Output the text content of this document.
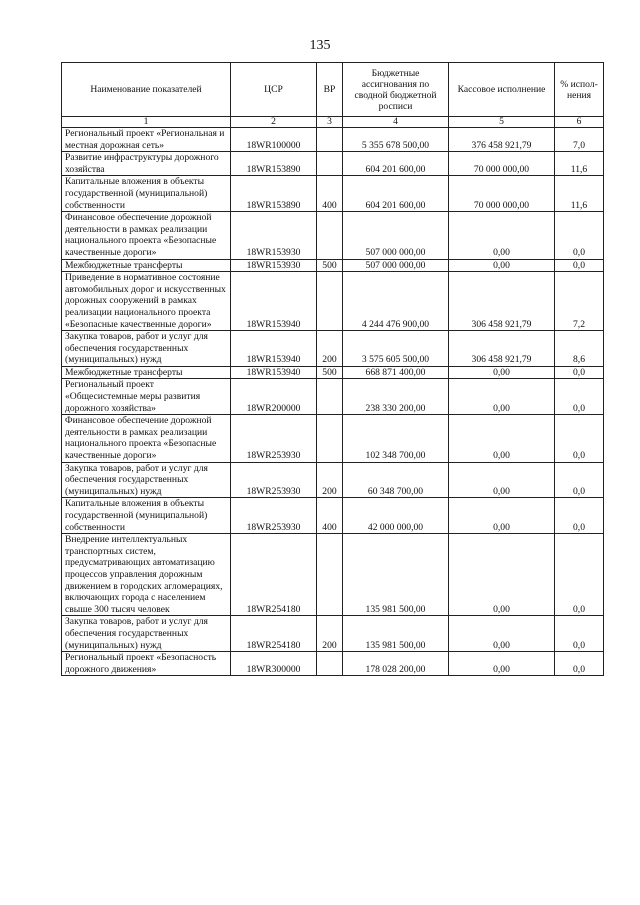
135
Наименование показателей	ЦСР	ВР	Бюджетные ассигнования по сводной бюджетной росписи	Кассовое исполнение	% испол-нения
1	2	3	4	5	6
Региональный проект «Региональная и местная дорожная сеть»	18WR100000		5 355 678 500,00	376 458 921,79	7,0
Развитие инфраструктуры дорожного хозяйства	18WR153890		604 201 600,00	70 000 000,00	11,6
Капитальные вложения в объекты государственной (муниципальной) собственности	18WR153890	400	604 201 600,00	70 000 000,00	11,6
Финансовое обеспечение дорожной деятельности в рамках реализации национального проекта «Безопасные качественные дороги»	18WR153930		507 000 000,00	0,00	0,0
Межбюджетные трансферты	18WR153930	500	507 000 000,00	0,00	0,0
Приведение в нормативное состояние автомобильных дорог и искусственных дорожных сооружений в рамках реализации национального проекта «Безопасные качественные дороги»	18WR153940		4 244 476 900,00	306 458 921,79	7,2
Закупка товаров, работ и услуг для обеспечения государственных (муниципальных) нужд	18WR153940	200	3 575 605 500,00	306 458 921,79	8,6
Межбюджетные трансферты	18WR153940	500	668 871 400,00	0,00	0,0
Региональный проект «Общесистемные меры развития дорожного хозяйства»	18WR200000		238 330 200,00	0,00	0,0
Финансовое обеспечение дорожной деятельности в рамках реализации национального проекта «Безопасные качественные дороги»	18WR253930		102 348 700,00	0,00	0,0
Закупка товаров, работ и услуг для обеспечения государственных (муниципальных) нужд	18WR253930	200	60 348 700,00	0,00	0,0
Капитальные вложения в объекты государственной (муниципальной) собственности	18WR253930	400	42 000 000,00	0,00	0,0
Внедрение интеллектуальных транспортных систем, предусматривающих автоматизацию процессов управления дорожным движением в городских агломерациях, включающих города с населением свыше 300 тысяч человек	18WR254180		135 981 500,00	0,00	0,0
Закупка товаров, работ и услуг для обеспечения государственных (муниципальных) нужд	18WR254180	200	135 981 500,00	0,00	0,0
Региональный проект «Безопасность дорожного движения»	18WR300000		178 028 200,00	0,00	0,0
